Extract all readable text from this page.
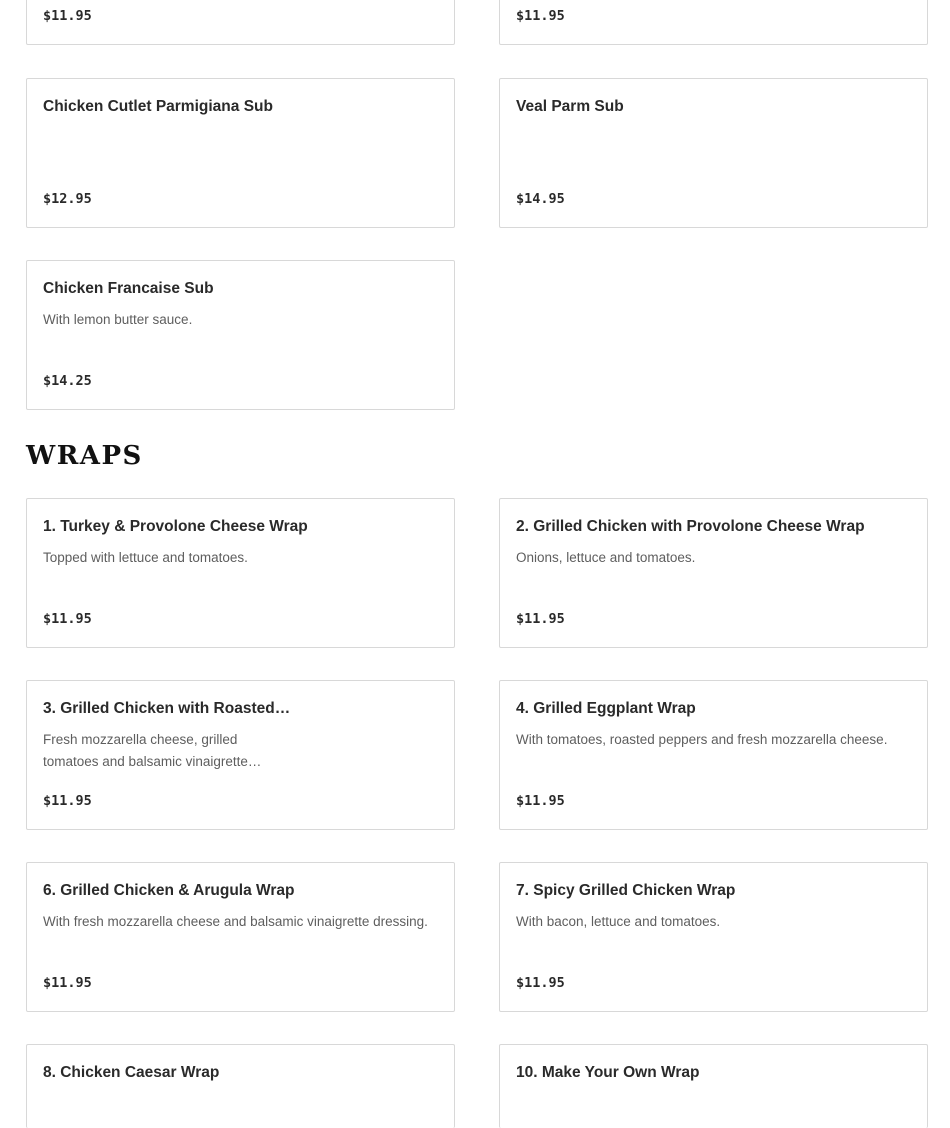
$11.95	$11.95
Chicken Cutlet Parmigiana Sub
$12.95
Veal Parm Sub
$14.95
Chicken Francaise Sub
With lemon butter sauce.
$14.25
WRAPS
1. Turkey & Provolone Cheese Wrap
Topped with lettuce and tomatoes.
$11.95
2. Grilled Chicken with Provolone Cheese Wrap
Onions, lettuce and tomatoes.
$11.95
3. Grilled Chicken with Roasted…
Fresh mozzarella cheese, grilled tomatoes and balsamic vinaigrette…
$11.95
4. Grilled Eggplant Wrap
With tomatoes, roasted peppers and fresh mozzarella cheese.
$11.95
6. Grilled Chicken & Arugula Wrap
With fresh mozzarella cheese and balsamic vinaigrette dressing.
$11.95
7. Spicy Grilled Chicken Wrap
With bacon, lettuce and tomatoes.
$11.95
8. Chicken Caesar Wrap	10. Make Your Own Wrap
